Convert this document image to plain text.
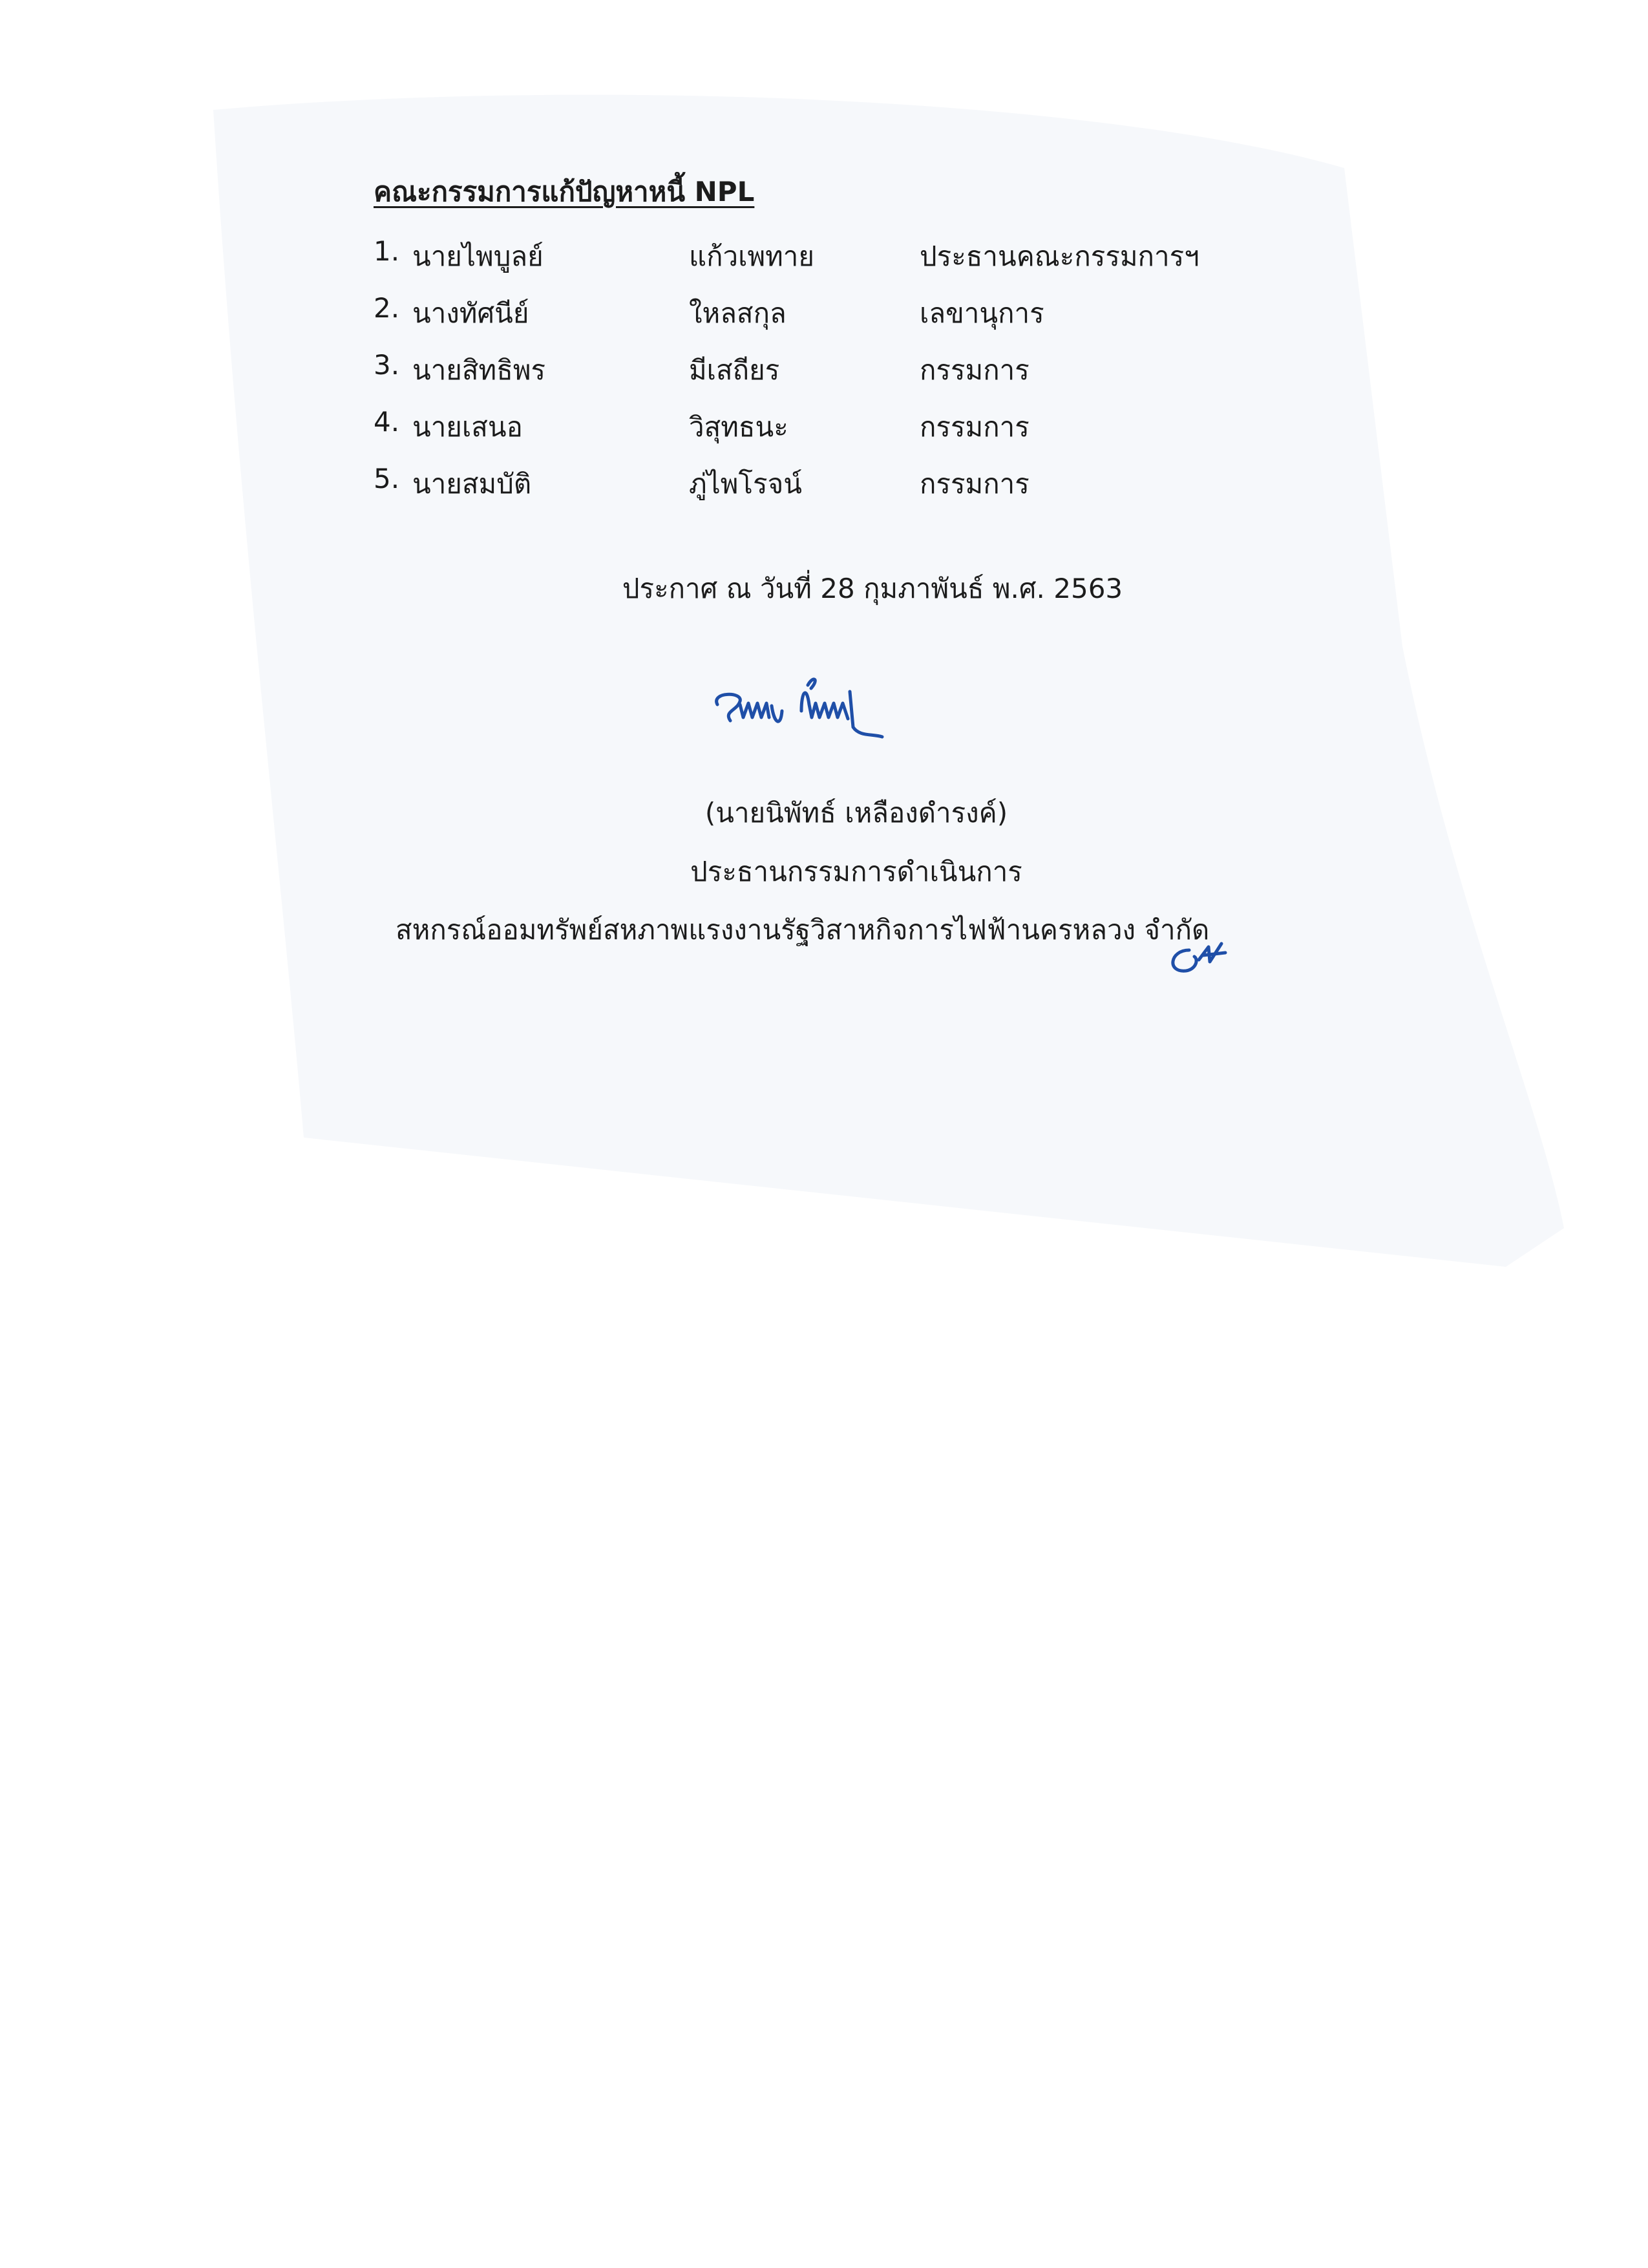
คณะกรรมการแก้ปัญหาหนี้ NPL
1. นายไพบูลย์	แก้วเพทาย	ประธานคณะกรรมการฯ
2. นางทัศนีย์	ใหลสกุล	เลขานุการ
3. นายสิทธิพร	มีเสถียร	กรรมการ
4. นายเสนอ	วิสุทธนะ	กรรมการ
5. นายสมบัติ	ภู่ไพโรจน์	กรรมการ
ประกาศ ณ วันที่ 28 กุมภาพันธ์ พ.ศ. 2563
(นายนิพัทธ์ เหลืองดำรงค์)
ประธานกรรมการดำเนินการ
สหกรณ์ออมทรัพย์สหภาพแรงงานรัฐวิสาหกิจการไฟฟ้านครหลวง จำกัด
